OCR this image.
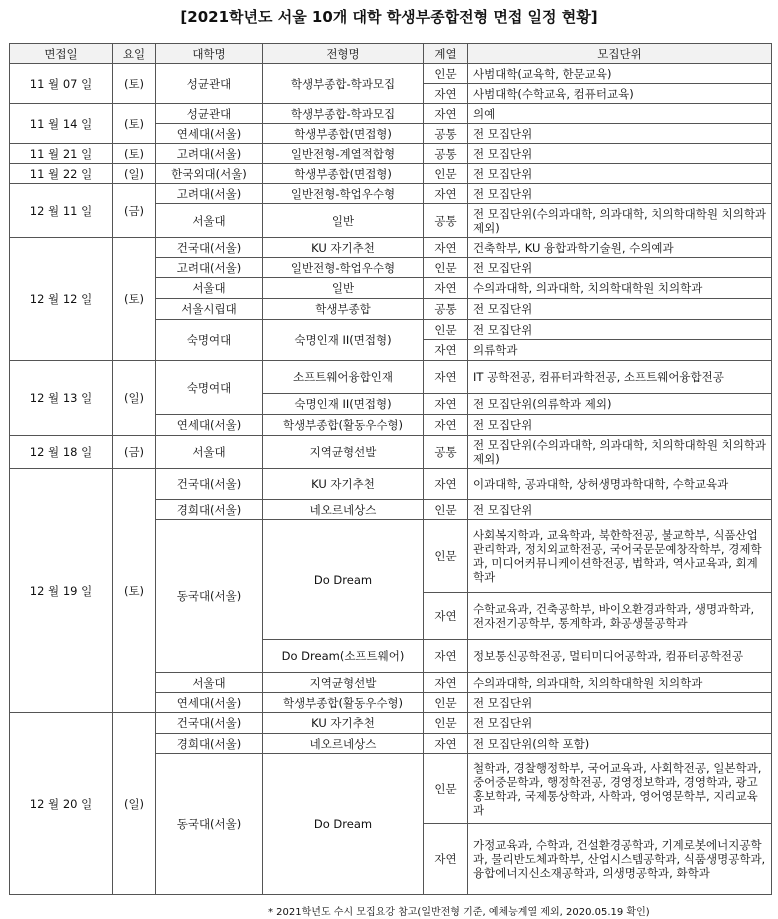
[2021학년도 서울 10개 대학 학생부종합전형 면접 일정 현황]
면접일	요일	대학명	전형명	계열	모집단위
11 월 07 일	(토)	성균관대	학생부종합-학과모집	인문	사범대학(교육학, 한문교육)
				자연	사범대학(수학교육, 컴퓨터교육)
11 월 14 일	(토)	성균관대	학생부종합-학과모집	자연	의예
		연세대(서울)	학생부종합(면접형)	공통	전 모집단위
11 월 21 일	(토)	고려대(서울)	일반전형-계열적합형	공통	전 모집단위
11 월 22 일	(일)	한국외대(서울)	학생부종합(면접형)	인문	전 모집단위
12 월 11 일	(금)	고려대(서울)	일반전형-학업우수형	자연	전 모집단위
		서울대	일반	공통	전 모집단위(수의과대학, 의과대학, 치의학대학원 치의학과 제외)
12 월 12 일	(토)	건국대(서울)	KU 자기추천	자연	건축학부, KU 융합과학기술원, 수의예과
		고려대(서울)	일반전형-학업우수형	인문	전 모집단위
		서울대	일반	자연	수의과대학, 의과대학, 치의학대학원 치의학과
		서울시립대	학생부종합	공통	전 모집단위
		숙명여대	숙명인재 II(면접형)	인문	전 모집단위
				자연	의류학과
12 월 13 일	(일)	숙명여대	소프트웨어융합인재	자연	IT 공학전공, 컴퓨터과학전공, 소프트웨어융합전공
			숙명인재 II(면접형)	자연	전 모집단위(의류학과 제외)
		연세대(서울)	학생부종합(활동우수형)	자연	전 모집단위
12 월 18 일	(금)	서울대	지역균형선발	공통	전 모집단위(수의과대학, 의과대학, 치의학대학원 치의학과 제외)
12 월 19 일	(토)	건국대(서울)	KU 자기추천	자연	이과대학, 공과대학, 상허생명과학대학, 수학교육과
		경희대(서울)	네오르네상스	인문	전 모집단위
		동국대(서울)	Do Dream	인문	사회복지학과, 교육학과, 북한학전공, 불교학부, 식품산업관리학과, 정치외교학전공, 국어국문문예창작학부, 경제학과, 미디어커뮤니케이션학전공, 법학과, 역사교육과, 회계학과
				자연	수학교육과, 건축공학부, 바이오환경과학과, 생명과학과, 전자전기공학부, 통계학과, 화공생물공학과
			Do Dream(소프트웨어)	자연	정보통신공학전공, 멀티미디어공학과, 컴퓨터공학전공
		서울대	지역균형선발	자연	수의과대학, 의과대학, 치의학대학원 치의학과
		연세대(서울)	학생부종합(활동우수형)	인문	전 모집단위
12 월 20 일	(일)	건국대(서울)	KU 자기추천	인문	전 모집단위
		경희대(서울)	네오르네상스	자연	전 모집단위(의학 포함)
		동국대(서울)	Do Dream	인문	철학과, 경찰행정학부, 국어교육과, 사회학전공, 일본학과, 중어중문학과, 행정학전공, 경영정보학과, 경영학과, 광고홍보학과, 국제통상학과, 사학과, 영어영문학부, 지리교육과
				자연	가정교육과, 수학과, 건설환경공학과, 기계로봇에너지공학과, 물리반도체과학부, 산업시스템공학과, 식품생명공학과, 융합에너지신소재공학과, 의생명공학과, 화학과
* 2021학년도 수시 모집요강 참고(일반전형 기준, 예체능계열 제외, 2020.05.19 확인)
